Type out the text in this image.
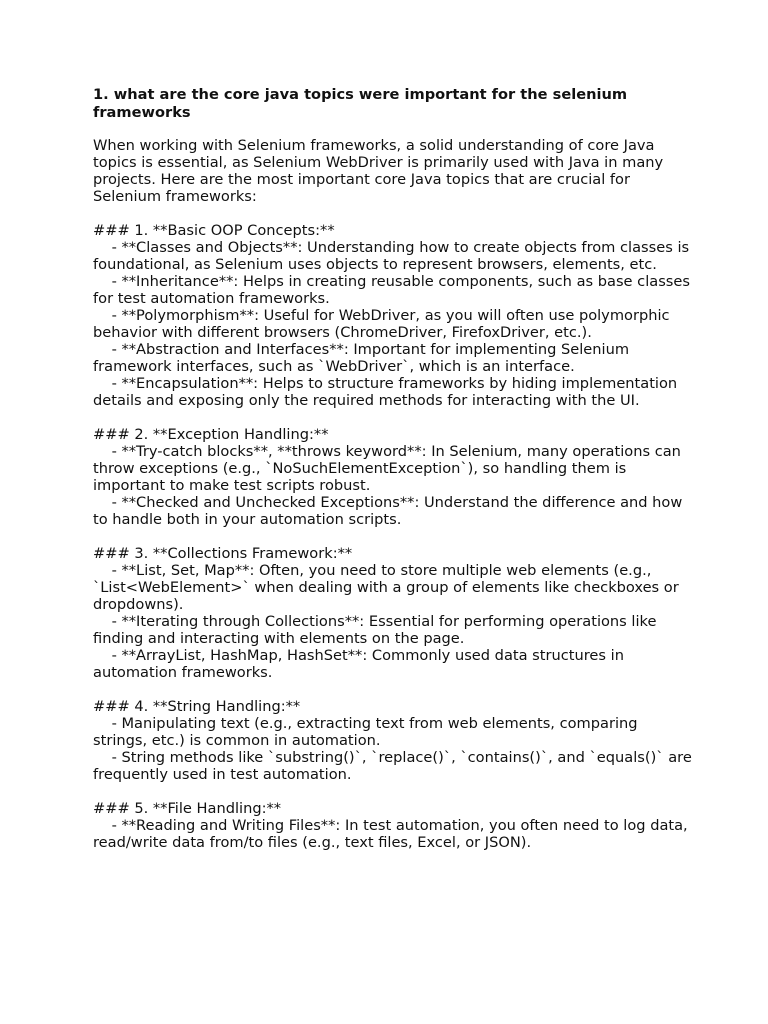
1. what are the core java topics were important for the selenium frameworks

When working with Selenium frameworks, a solid understanding of core Java topics is essential, as Selenium WebDriver is primarily used with Java in many projects. Here are the most important core Java topics that are crucial for Selenium frameworks:

### 1. **Basic OOP Concepts:**

- **Classes and Objects**: Understanding how to create objects from classes is foundational, as Selenium uses objects to represent browsers, elements, etc.

- **Inheritance**: Helps in creating reusable components, such as base classes for test automation frameworks.

- **Polymorphism**: Useful for WebDriver, as you will often use polymorphic behavior with different browsers (ChromeDriver, FirefoxDriver, etc.).

- **Abstraction and Interfaces**: Important for implementing Selenium framework interfaces, such as `WebDriver`, which is an interface.

- **Encapsulation**: Helps to structure frameworks by hiding implementation details and exposing only the required methods for interacting with the UI.

### 2. **Exception Handling:**

- **Try-catch blocks**, **throws keyword**: In Selenium, many operations can throw exceptions (e.g., `NoSuchElementException`), so handling them is important to make test scripts robust.

- **Checked and Unchecked Exceptions**: Understand the difference and how to handle both in your automation scripts.

### 3. **Collections Framework:**

- **List, Set, Map**: Often, you need to store multiple web elements (e.g., `List<WebElement>` when dealing with a group of elements like checkboxes or dropdowns).

- **Iterating through Collections**: Essential for performing operations like finding and interacting with elements on the page.

- **ArrayList, HashMap, HashSet**: Commonly used data structures in automation frameworks.

### 4. **String Handling:**

- Manipulating text (e.g., extracting text from web elements, comparing strings, etc.) is common in automation.

- String methods like `substring()`, `replace()`, `contains()`, and `equals()` are frequently used in test automation.

### 5. **File Handling:**

- **Reading and Writing Files**: In test automation, you often need to log data, read/write data from/to files (e.g., text files, Excel, or JSON).
